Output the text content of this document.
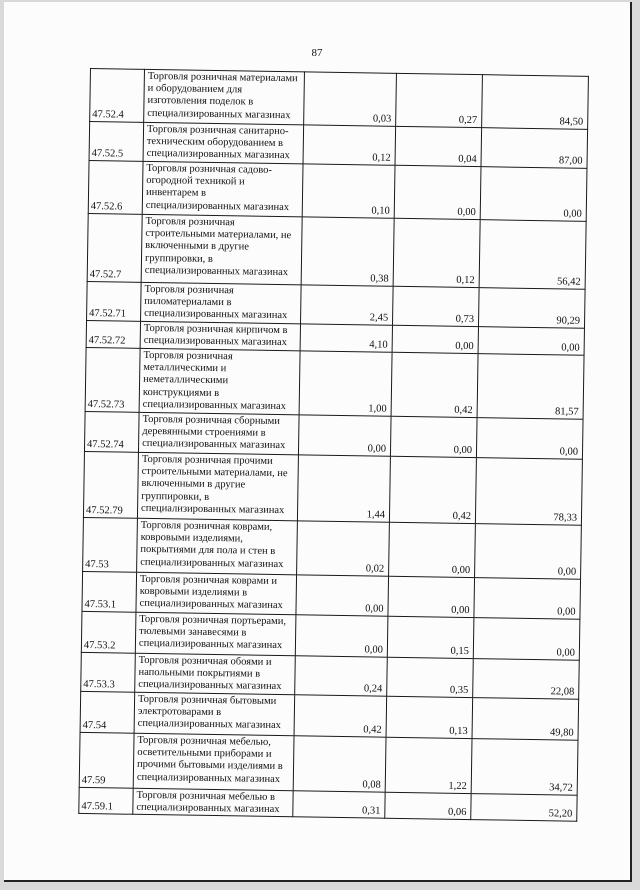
87
47.52.4	Торговля розничная материалами и оборудованием для изготовления поделок в специализированных магазинах	0,03	0,27	84,50
47.52.5	Торговля розничная санитарно-техническим оборудованием в специализированных магазинах	0,12	0,04	87,00
47.52.6	Торговля розничная садово-огородной техникой и инвентарем в специализированных магазинах	0,10	0,00	0,00
47.52.7	Торговля розничная строительными материалами, не включенными в другие группировки, в специализированных магазинах	0,38	0,12	56,42
47.52.71	Торговля розничная пиломатериалами в специализированных магазинах	2,45	0,73	90,29
47.52.72	Торговля розничная кирпичом в специализированных магазинах	4,10	0,00	0,00
47.52.73	Торговля розничная металлическими и неметаллическими конструкциями в специализированных магазинах	1,00	0,42	81,57
47.52.74	Торговля розничная сборными деревянными строениями в специализированных магазинах	0,00	0,00	0,00
47.52.79	Торговля розничная прочими строительными материалами, не включенными в другие группировки, в специализированных магазинах	1,44	0,42	78,33
47.53	Торговля розничная коврами, ковровыми изделиями, покрытиями для пола и стен в специализированных магазинах	0,02	0,00	0,00
47.53.1	Торговля розничная коврами и ковровыми изделиями в специализированных магазинах	0,00	0,00	0,00
47.53.2	Торговля розничная портьерами, тюлевыми занавесями в специализированных магазинах	0,00	0,15	0,00
47.53.3	Торговля розничная обоями и напольными покрытиями в специализированных магазинах	0,24	0,35	22,08
47.54	Торговля розничная бытовыми электротоварами в специализированных магазинах	0,42	0,13	49,80
47.59	Торговля розничная мебелью, осветительными приборами и прочими бытовыми изделиями в специализированных магазинах	0,08	1,22	34,72
47.59.1	Торговля розничная мебелью в специализированных магазинах	0,31	0,06	52,20
